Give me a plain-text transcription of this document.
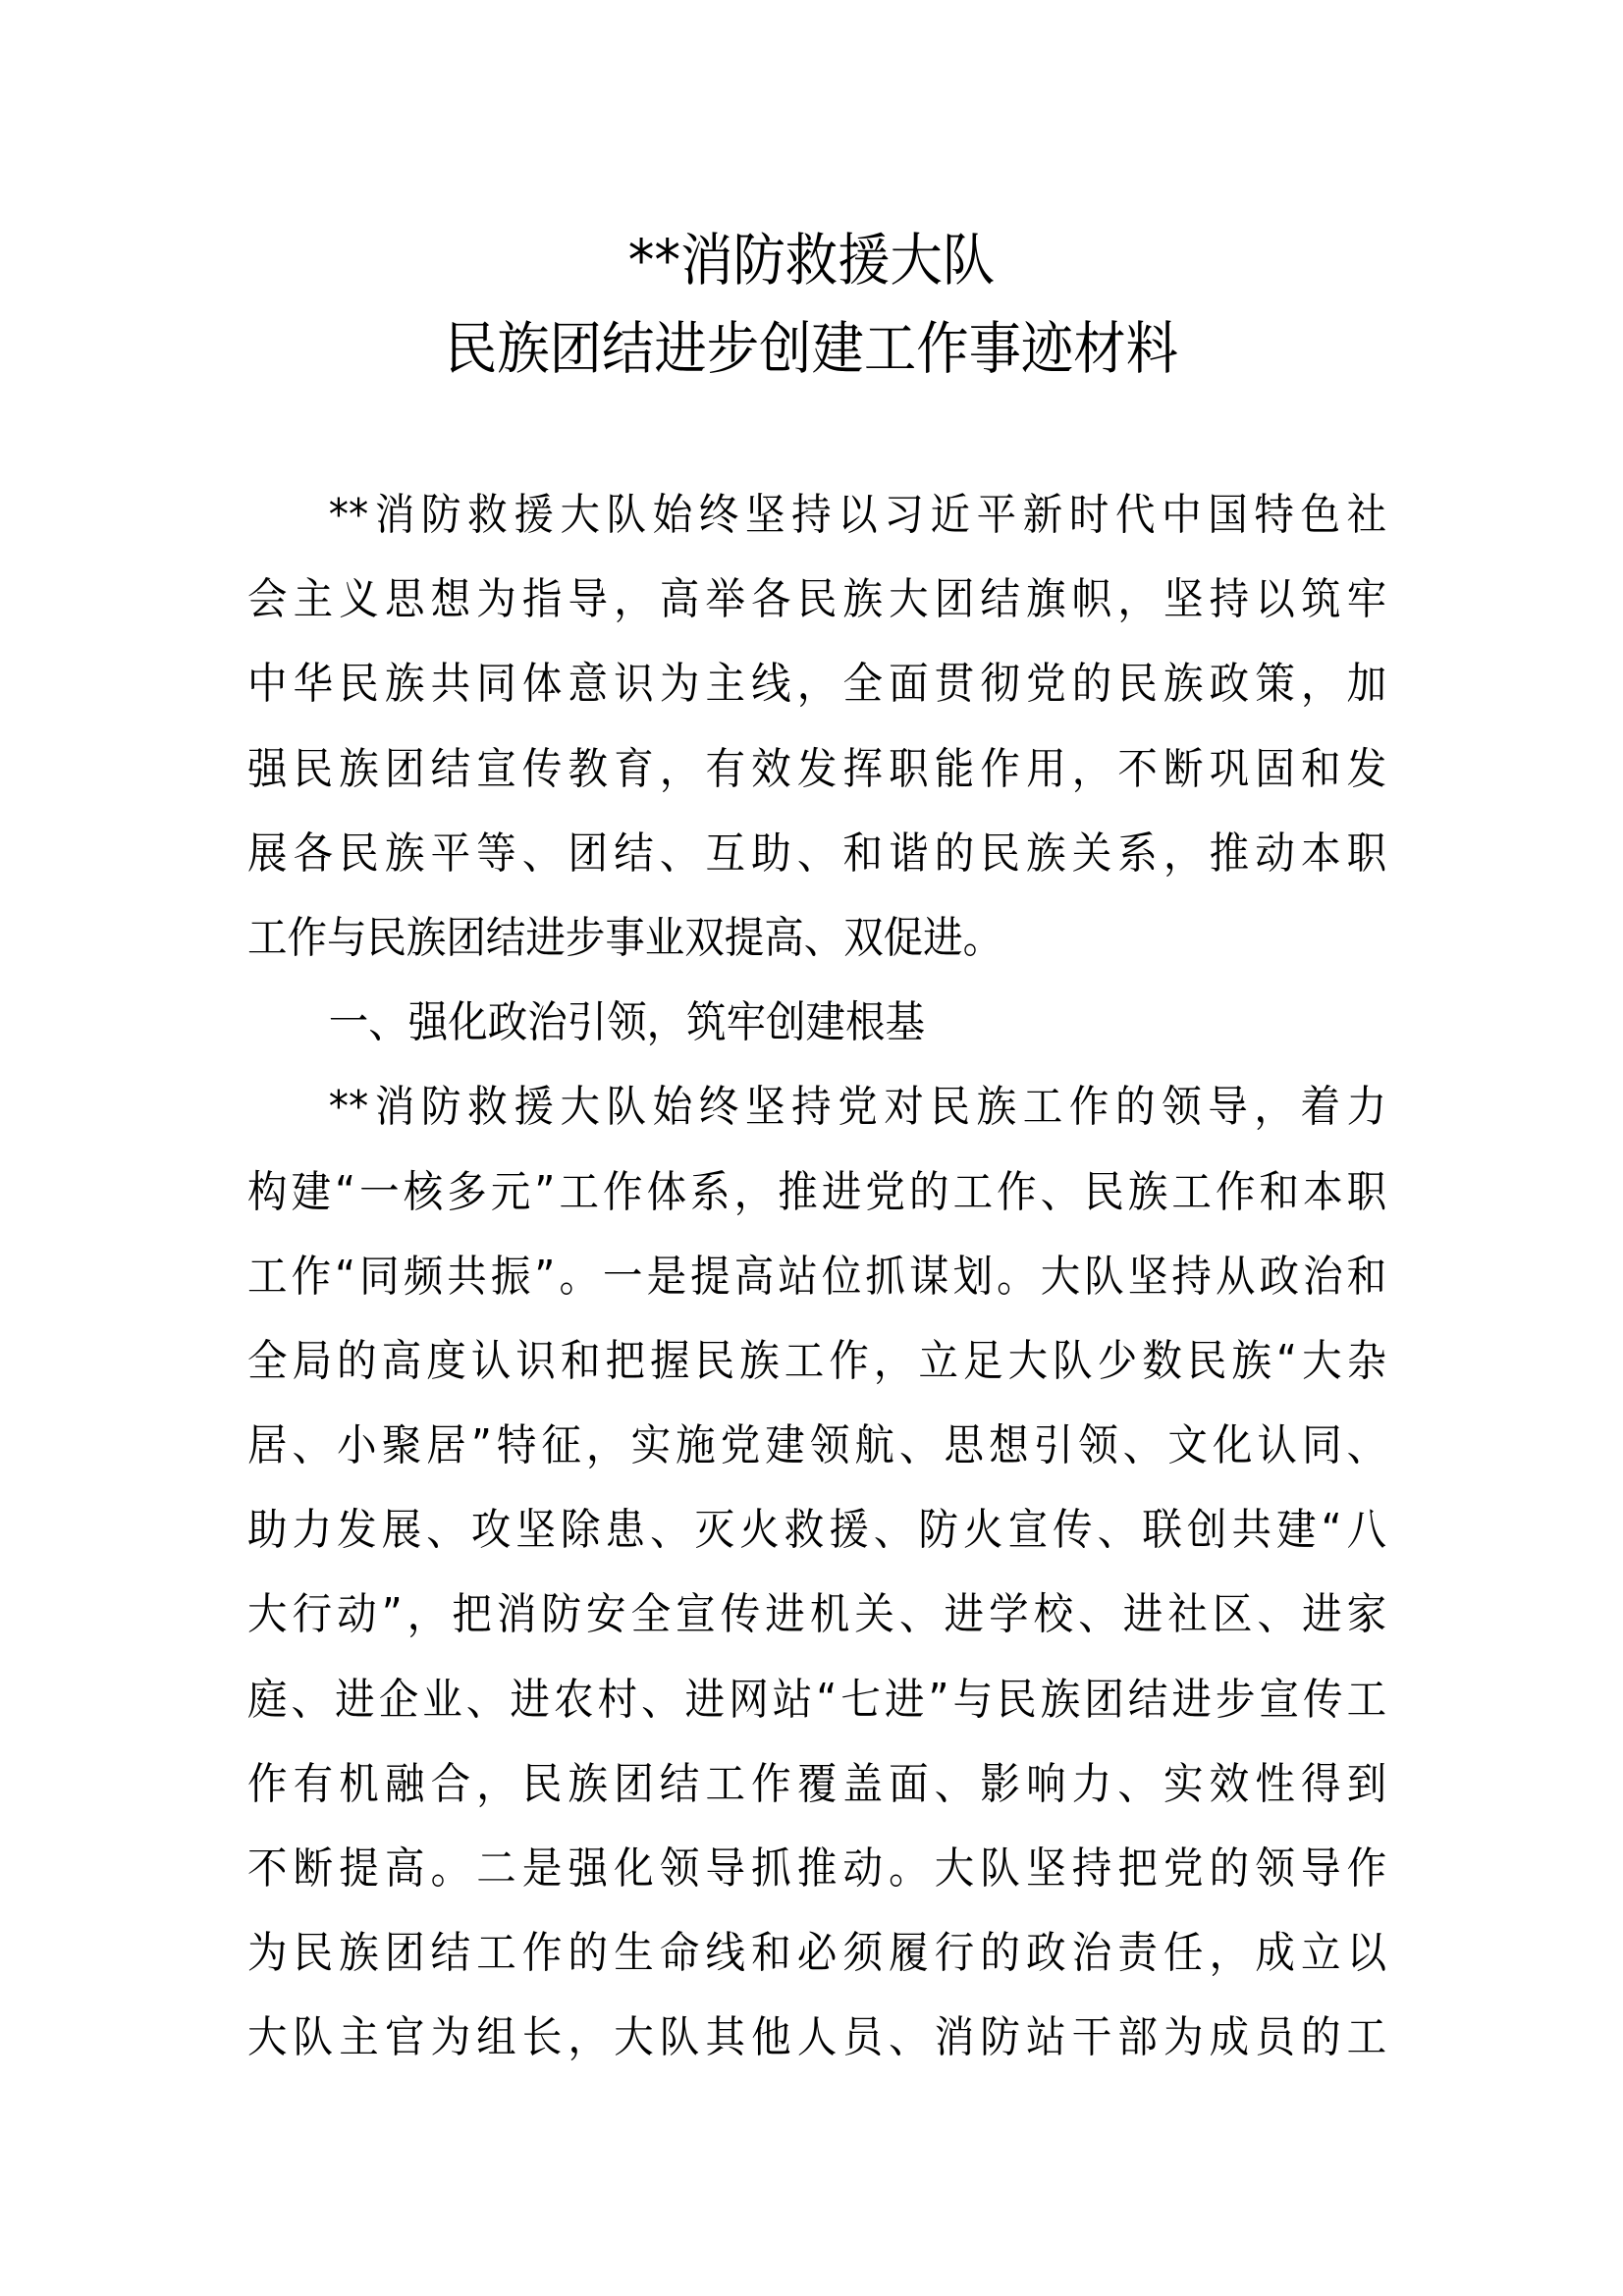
**消防救援大队
民族团结进步创建工作事迹材料
**消防救援大队始终坚持以习近平新时代中国特色社
会主义思想为指导，高举各民族大团结旗帜，坚持以筑牢
中华民族共同体意识为主线，全面贯彻党的民族政策，加
强民族团结宣传教育，有效发挥职能作用，不断巩固和发
展各民族平等、团结、互助、和谐的民族关系，推动本职
工作与民族团结进步事业双提高、双促进。
一、强化政治引领，筑牢创建根基
**消防救援大队始终坚持党对民族工作的领导，着力
构建“一核多元”工作体系，推进党的工作、民族工作和本职
工作“同频共振”。一是提高站位抓谋划。大队坚持从政治和
全局的高度认识和把握民族工作，立足大队少数民族“大杂
居、小聚居”特征，实施党建领航、思想引领、文化认同、
助力发展、攻坚除患、灭火救援、防火宣传、联创共建“八
大行动”，把消防安全宣传进机关、进学校、进社区、进家
庭、进企业、进农村、进网站“七进”与民族团结进步宣传工
作有机融合，民族团结工作覆盖面、影响力、实效性得到
不断提高。二是强化领导抓推动。大队坚持把党的领导作
为民族团结工作的生命线和必须履行的政治责任，成立以
大队主官为组长，大队其他人员、消防站干部为成员的工
